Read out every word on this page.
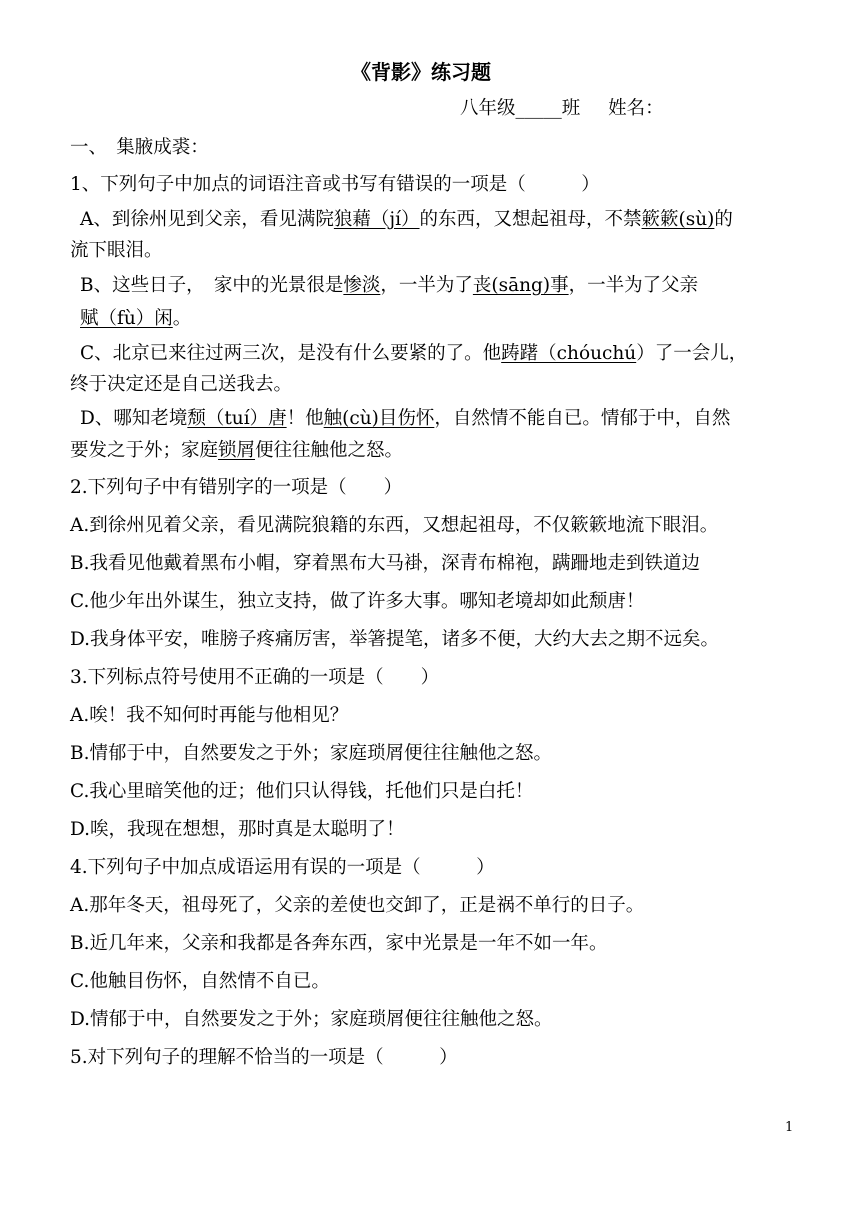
《背影》练习题
八年级_____班 姓名：
一、　集腋成裘：
1、下列句子中加点的词语注音或书写有错误的一项是（　　　）
A、到徐州见到父亲，看见满院狼藉（jí）的东西，又想起祖母，不禁簌簌(sù)的
流下眼泪。
B、这些日子，　家中的光景很是惨淡，一半为了丧(sāng)事，一半为了父亲
赋（fù）闲。
C、北京已来往过两三次，是没有什么要紧的了。他踌躇（chóuchú）了一会儿，
终于决定还是自己送我去。
D、哪知老境颓（tuí）唐！他触(cù)目伤怀，自然情不能自已。情郁于中，自然
要发之于外；家庭锁屑便往往触他之怒。
2.下列句子中有错别字的一项是（　　）
A.到徐州见着父亲，看见满院狼籍的东西，又想起祖母，不仅簌簌地流下眼泪。
B.我看见他戴着黑布小帽，穿着黑布大马褂，深青布棉袍，蹒跚地走到铁道边
C.他少年出外谋生，独立支持，做了许多大事。哪知老境却如此颓唐！
D.我身体平安，唯膀子疼痛厉害，举箸提笔，诸多不便，大约大去之期不远矣。
3.下列标点符号使用不正确的一项是（　　）
A.唉！我不知何时再能与他相见？
B.情郁于中，自然要发之于外；家庭琐屑便往往触他之怒。
C.我心里暗笑他的迂；他们只认得钱，托他们只是白托！
D.唉，我现在想想，那时真是太聪明了！
4.下列句子中加点成语运用有误的一项是（　　　）
A.那年冬天，祖母死了，父亲的差使也交卸了，正是祸不单行的日子。
B.近几年来，父亲和我都是各奔东西，家中光景是一年不如一年。
C.他触目伤怀，自然情不自已。
D.情郁于中，自然要发之于外；家庭琐屑便往往触他之怒。
5.对下列句子的理解不恰当的一项是（　　　）
1
